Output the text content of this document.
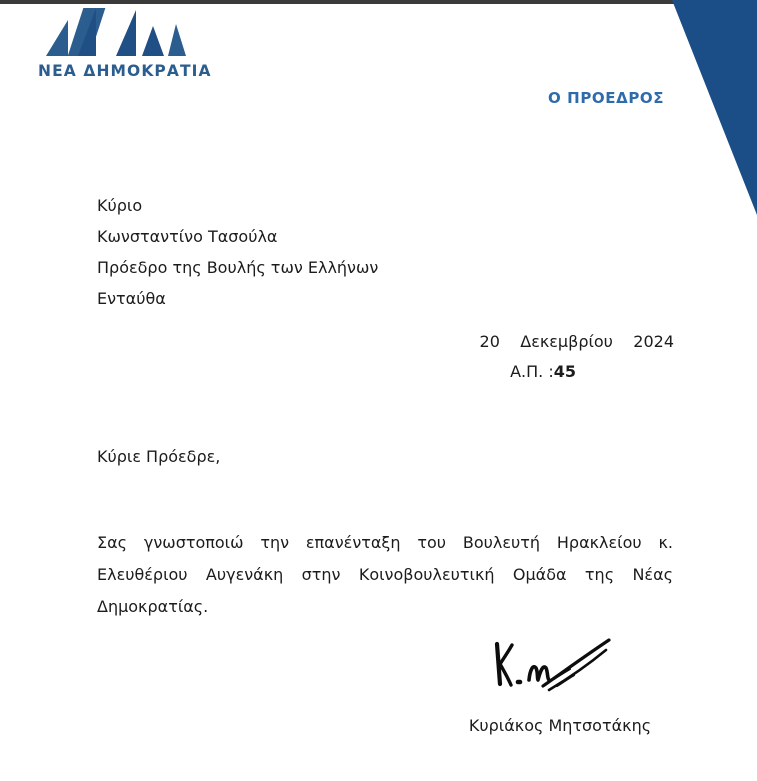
ΝΕΑ ΔΗΜΟΚΡΑΤΙΑ
Ο ΠΡΟΕΔΡΟΣ
Κύριο
Κωνσταντίνο Τασούλα
Πρόεδρο της Βουλής των Ελλήνων
Ενταύθα
20    Δεκεμβρίου    2024
Α.Π. :45
Κύριε Πρόεδρε,
Σας γνωστοποιώ την επανένταξη του Βουλευτή Ηρακλείου κ. Ελευθέριου Αυγενάκη στην Κοινοβουλευτική Ομάδα της Νέας Δημοκρατίας.
Κυριάκος Μητσοτάκης
